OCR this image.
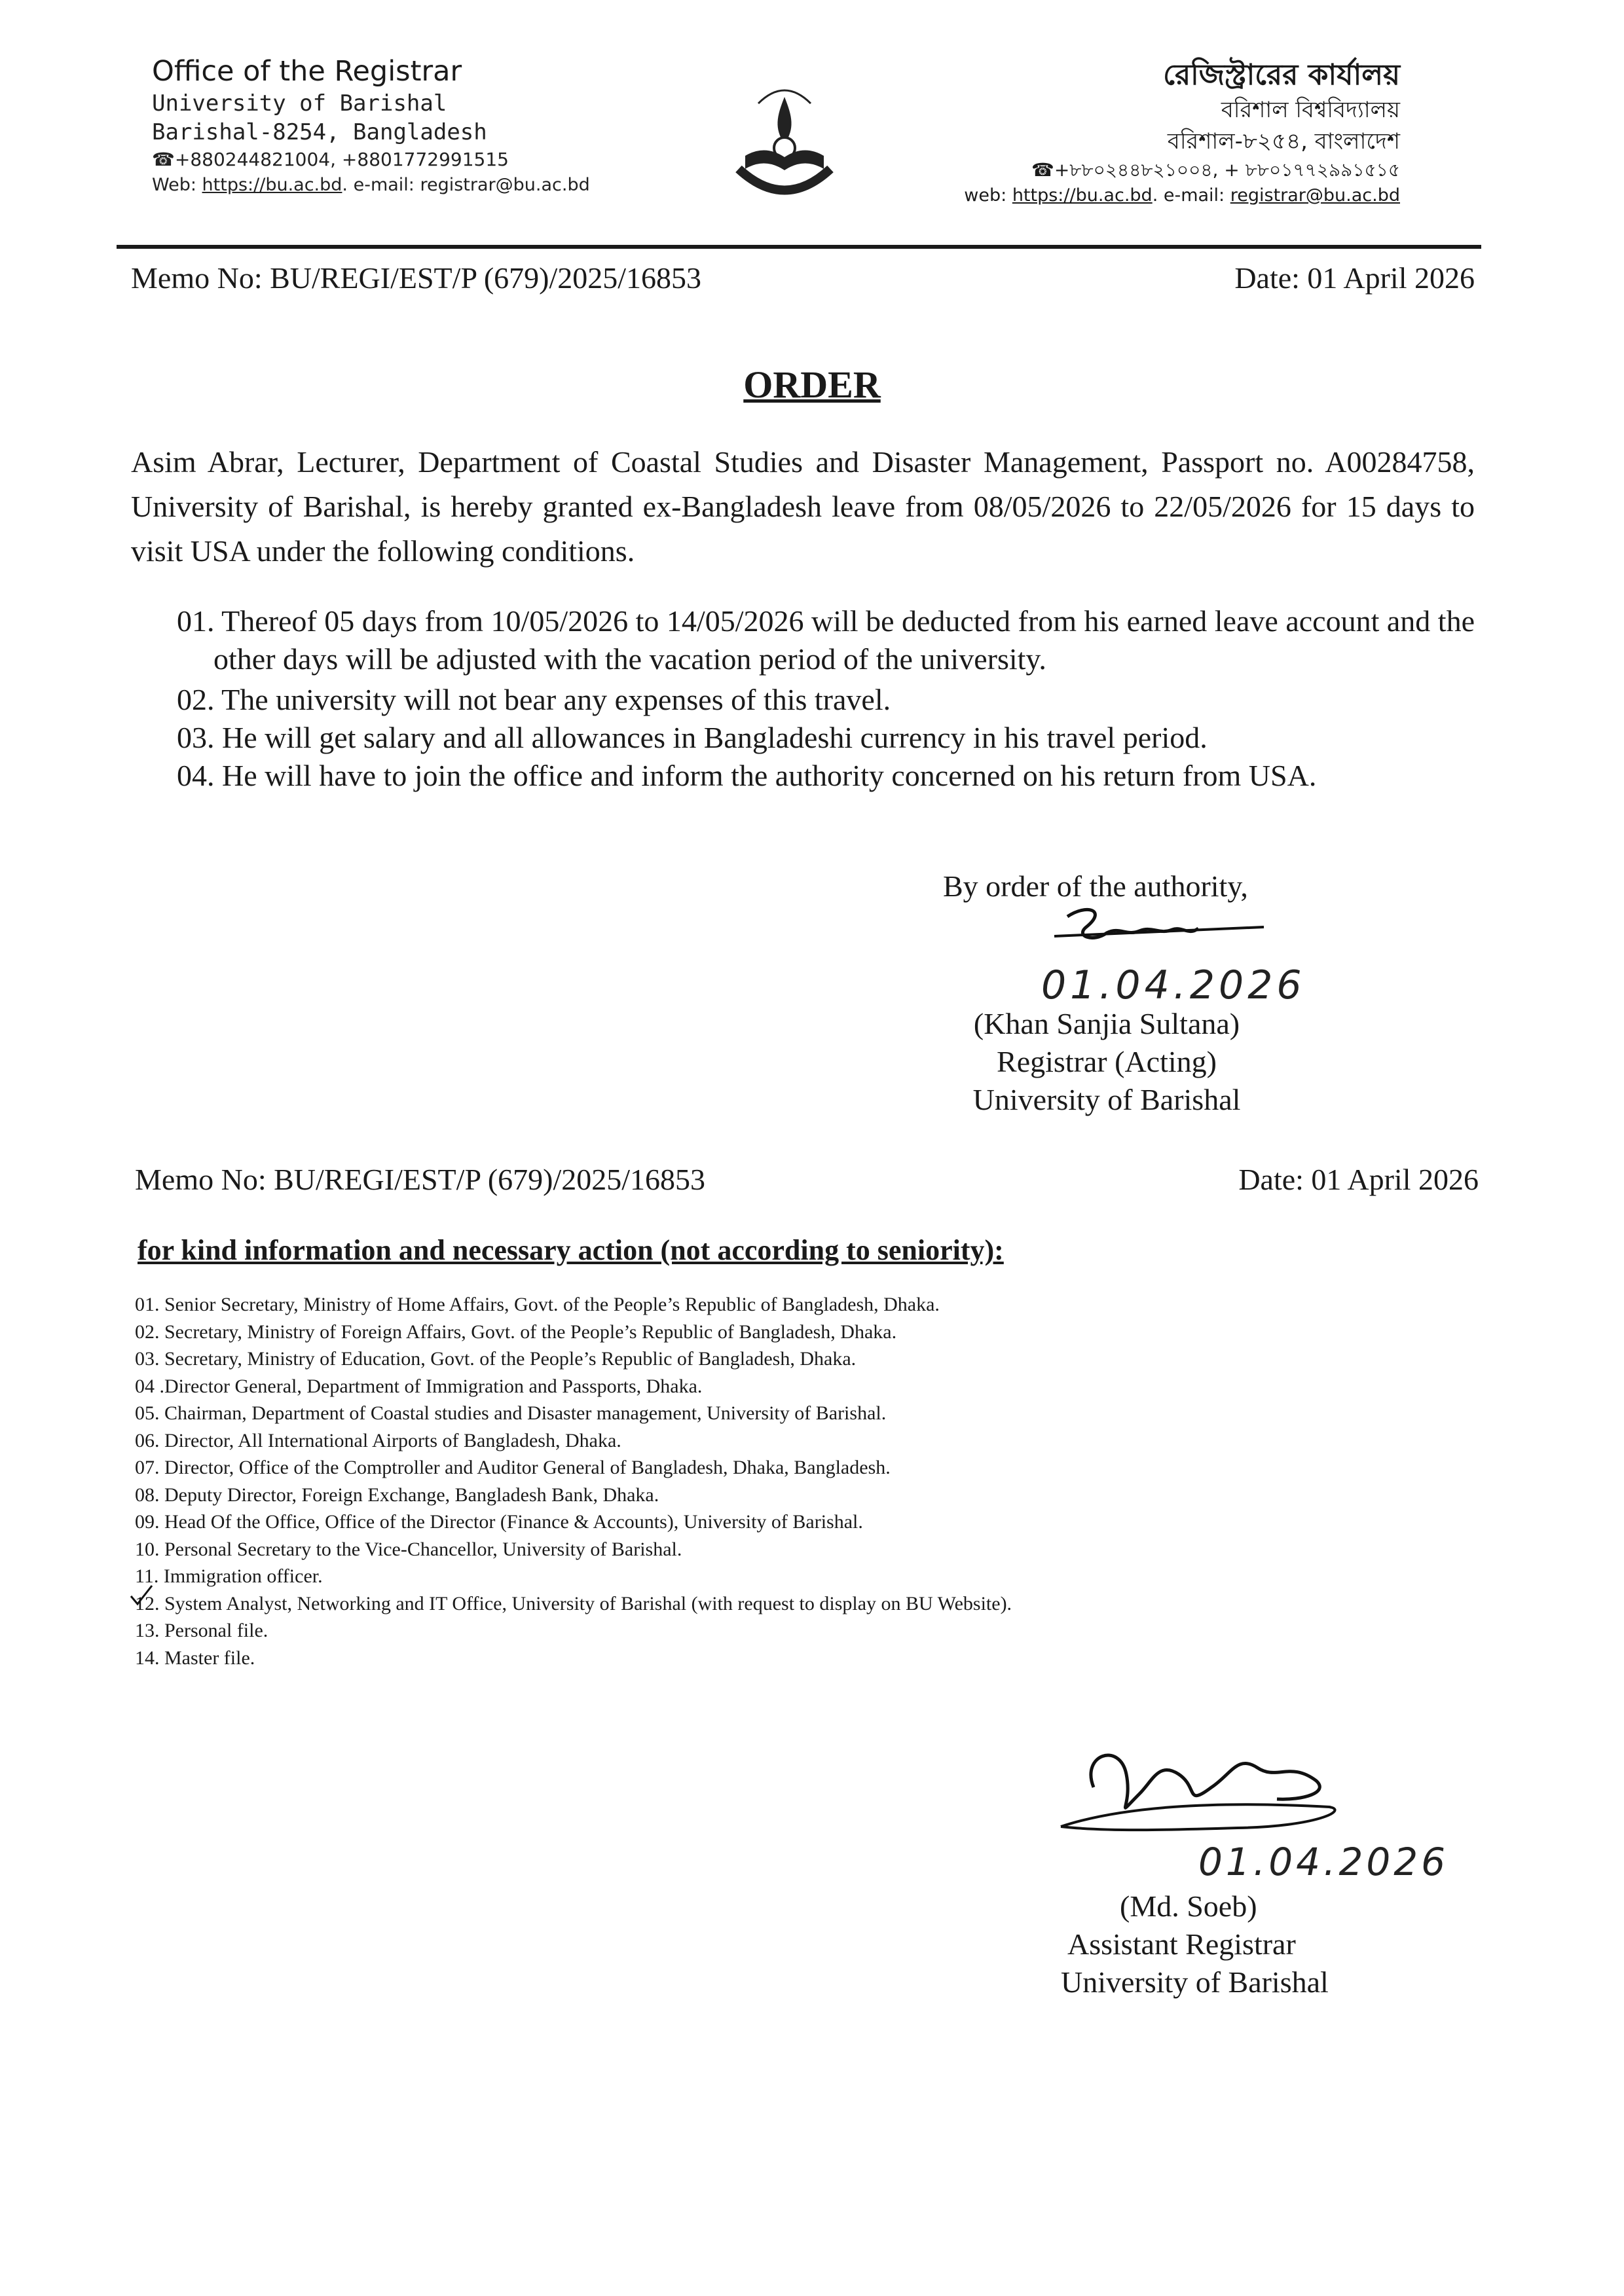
Office of the Registrar
University of Barishal
Barishal-8254, Bangladesh
☎+880244821004, +8801772991515
Web: https://bu.ac.bd. e-mail: registrar@bu.ac.bd
রেজিস্ট্রারের কার্যালয়
বরিশাল বিশ্ববিদ্যালয়
বরিশাল-৮২৫৪, বাংলাদেশ
☎+৮৮০২৪৪৮২১০০৪, + ৮৮০১৭৭২৯৯১৫১৫
web: https://bu.ac.bd. e-mail: registrar@bu.ac.bd
Memo No: BU/REGI/EST/P (679)/2025/16853	Date: 01 April 2026
ORDER
Asim Abrar, Lecturer, Department of Coastal Studies and Disaster Management, Passport no. A00284758, University of Barishal, is hereby granted ex-Bangladesh leave from 08/05/2026 to 22/05/2026 for 15 days to visit USA under the following conditions.
01. Thereof 05 days from 10/05/2026 to 14/05/2026 will be deducted from his earned leave account and the other days will be adjusted with the vacation period of the university.
02. The university will not bear any expenses of this travel.
03. He will get salary and all allowances in Bangladeshi currency in his travel period.
04. He will have to join the office and inform the authority concerned on his return from USA.
By order of the authority,
01.04.2026
(Khan Sanjia Sultana)
Registrar (Acting)
University of Barishal
Memo No: BU/REGI/EST/P (679)/2025/16853	Date: 01 April 2026
for kind information and necessary action (not according to seniority):
01. Senior Secretary, Ministry of Home Affairs, Govt. of the People’s Republic of Bangladesh, Dhaka.
02. Secretary, Ministry of Foreign Affairs, Govt. of the People’s Republic of Bangladesh, Dhaka.
03. Secretary, Ministry of Education, Govt. of the People’s Republic of Bangladesh, Dhaka.
04 .Director General, Department of Immigration and Passports, Dhaka.
05. Chairman, Department of Coastal studies and Disaster management, University of Barishal.
06. Director, All International Airports of Bangladesh, Dhaka.
07. Director, Office of the Comptroller and Auditor General of Bangladesh, Dhaka, Bangladesh.
08. Deputy Director, Foreign Exchange, Bangladesh Bank, Dhaka.
09. Head Of the Office, Office of the Director (Finance & Accounts), University of Barishal.
10. Personal Secretary to the Vice-Chancellor, University of Barishal.
11. Immigration officer.
12. System Analyst, Networking and IT Office, University of Barishal (with request to display on BU Website).
13. Personal file.
14. Master file.
01.04.2026
(Md. Soeb)
Assistant Registrar
University of Barishal
